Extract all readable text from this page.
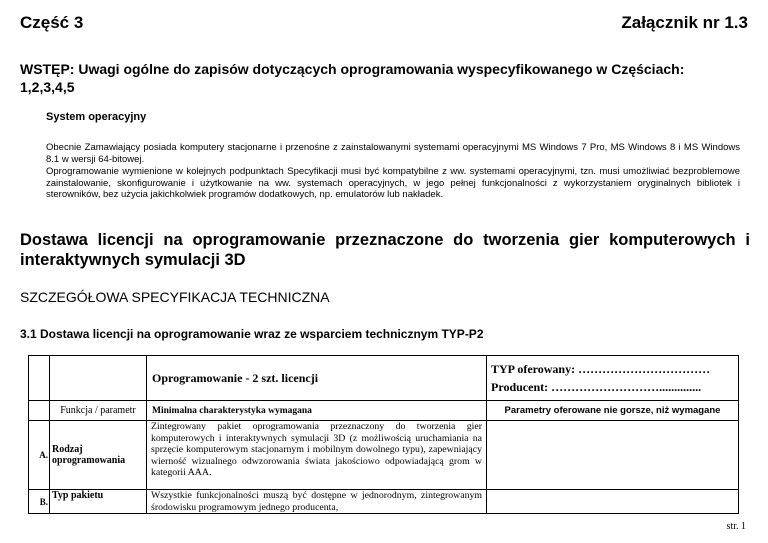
Część 3	Załącznik nr 1.3
WSTĘP: Uwagi ogólne do zapisów dotyczących oprogramowania wyspecyfikowanego w Częściach: 1,2,3,4,5
System operacyjny
Obecnie Zamawiający posiada komputery stacjonarne i przenośne z zainstalowanymi systemami operacyjnymi MS Windows 7 Pro, MS Windows 8 i MS Windows 8.1 w wersji 64-bitowej.
Oprogramowanie wymienione w kolejnych podpunktach Specyfikacji musi być kompatybilne z ww. systemami operacyjnymi, tzn. musi umożliwiać bezproblemowe zainstalowanie, skonfigurowanie i użytkowanie na ww. systemach operacyjnych, w jego pełnej funkcjonalności z wykorzystaniem oryginalnych bibliotek i sterowników, bez użycia jakichkolwiek programów dodatkowych, np. emulatorów lub nakładek.
Dostawa licencji na oprogramowanie przeznaczone do tworzenia gier komputerowych i interaktywnych symulacji 3D
SZCZEGÓŁOWA SPECYFIKACJA TECHNICZNA
3.1 Dostawa licencji na oprogramowanie wraz ze wsparciem technicznym TYP-P2
		Oprogramowanie - 2 szt. licencji	TYP oferowany: ……………………………
Producent: ………………………..............

	Funkcja / parametr	Minimalna charakterystyka wymagana	Parametry oferowane nie gorsze, niż wymagane
A.	Rodzaj oprogramowania	Zintegrowany pakiet oprogramowania przeznaczony do tworzenia gier komputerowych i interaktywnych symulacji 3D (z możliwością uruchamiania na sprzęcie komputerowym stacjonarnym i mobilnym dowolnego typu), zapewniający wierność wizualnego odwzorowania świata jakościowo odpowiadającą grom w kategorii AAA.	
B.	Typ pakietu	Wszystkie funkcjonalności muszą być dostępne w jednorodnym, zintegrowanym środowisku programowym jednego producenta,	
str. 1
